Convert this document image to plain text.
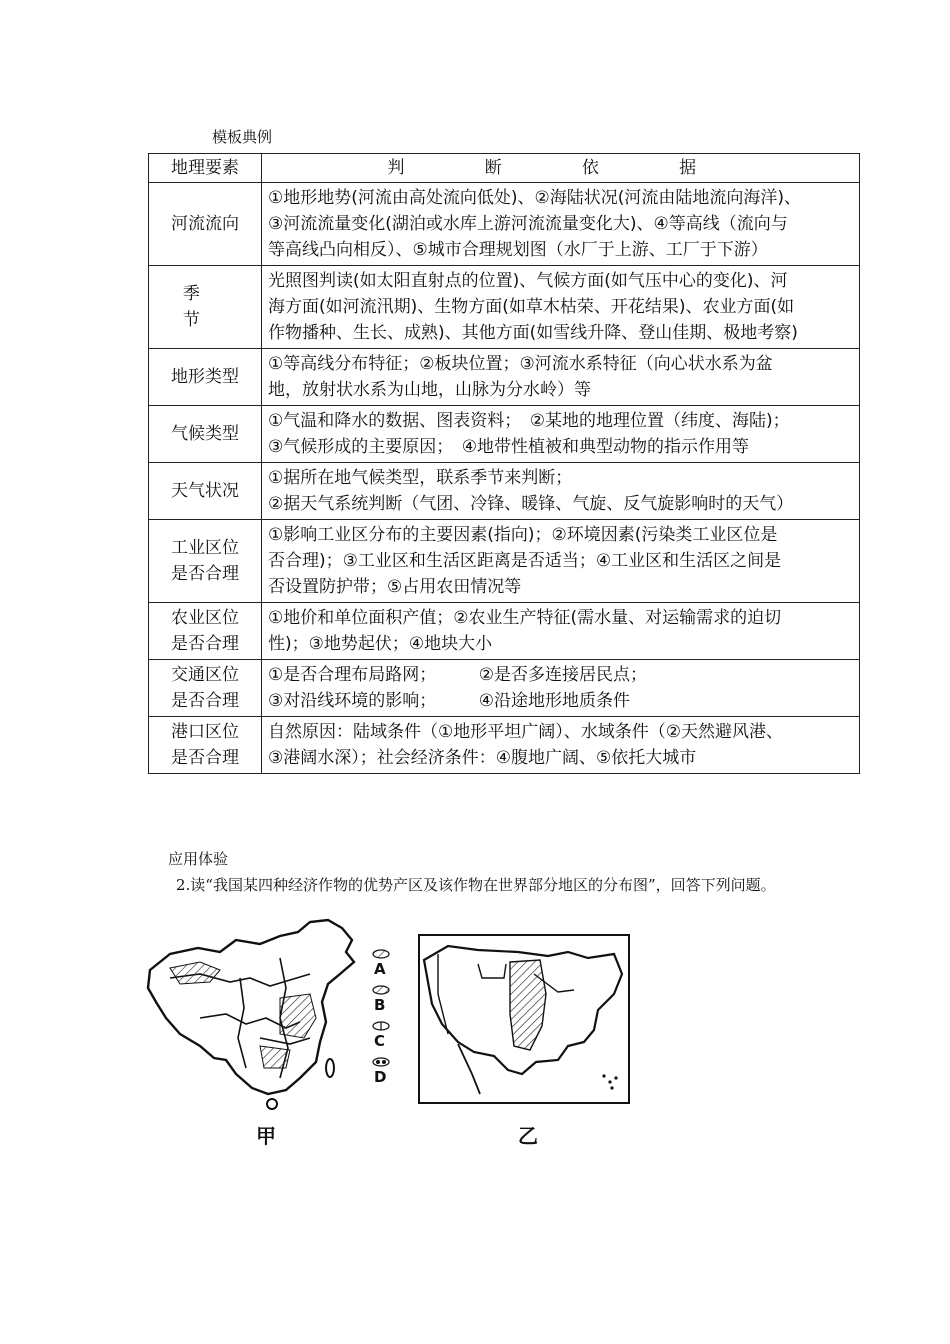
模板典例
地理要素	判 断 依 据
河流流向	①地形地势(河流由高处流向低处)、②海陆状况(河流由陆地流向海洋)、
③河流流量变化(湖泊或水库上游河流流量变化大)、④等高线（流向与
等高线凸向相反）、⑤城市合理规划图（水厂于上游、工厂于下游）

季 节	光照图判读(如太阳直射点的位置)、气候方面(如气压中心的变化)、河
海方面(如河流汛期)、生物方面(如草木枯荣、开花结果)、农业方面(如
作物播种、生长、成熟)、其他方面(如雪线升降、登山佳期、极地考察)

地形类型	①等高线分布特征；②板块位置；③河流水系特征（向心状水系为盆
地，放射状水系为山地，山脉为分水岭）等

气候类型	①气温和降水的数据、图表资料；　②某地的地理位置（纬度、海陆)；
③气候形成的主要原因；　④地带性植被和典型动物的指示作用等

天气状况	①据所在地气候类型，联系季节来判断；
②据天气系统判断（气团、冷锋、暖锋、气旋、反气旋影响时的天气）

工业区位
是否合理	①影响工业区分布的主要因素(指向)；②环境因素(污染类工业区位是
否合理)；③工业区和生活区距离是否适当；④工业区和生活区之间是
否设置防护带；⑤占用农田情况等

农业区位
是否合理	①地价和单位面积产值；②农业生产特征(需水量、对运输需求的迫切
性)；③地势起伏；④地块大小

交通区位
是否合理	①是否合理布局路网；　　　②是否多连接居民点；
③对沿线环境的影响；　　　④沿途地形地质条件

港口区位
是否合理	自然原因：陆域条件（①地形平坦广阔）、水域条件（②天然避风港、
③港阔水深）；社会经济条件：④腹地广阔、⑤依托大城市
应用体验
2.读“我国某四种经济作物的优势产区及该作物在世界部分地区的分布图”，回答下列问题。
甲
A
B
C
D
乙
